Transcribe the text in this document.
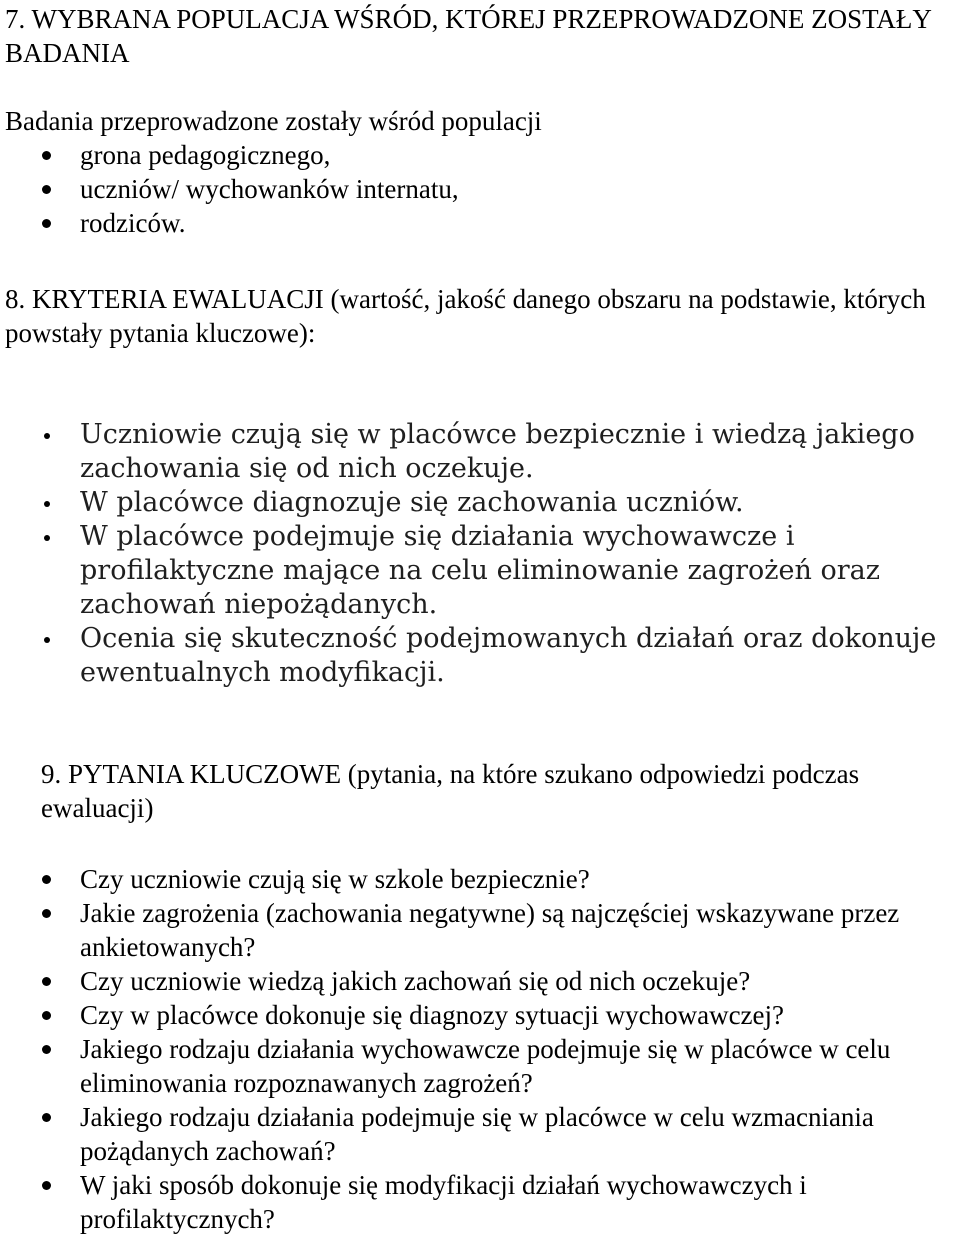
7. WYBRANA POPULACJA WŚRÓD, KTÓREJ PRZEPROWADZONE ZOSTAŁY BADANIA

Badania przeprowadzone zostały wśród populacji

grona pedagogicznego,
uczniów/ wychowanków internatu,
rodziców.
8. KRYTERIA EWALUACJI (wartość, jakość danego obszaru na podstawie, których powstały pytania kluczowe):
Uczniowie czują się w placówce bezpiecznie i wiedzą jakiego zachowania się od nich oczekuje.
W placówce diagnozuje się zachowania uczniów.
W placówce podejmuje się działania wychowawcze i profilaktyczne mające na celu eliminowanie zagrożeń oraz zachowań niepożądanych.
Ocenia się skuteczność podejmowanych działań oraz dokonuje ewentualnych modyfikacji.
9. PYTANIA KLUCZOWE (pytania, na które szukano odpowiedzi podczas ewaluacji)
Czy uczniowie czują się w szkole bezpiecznie?
Jakie zagrożenia (zachowania negatywne) są najczęściej wskazywane przez ankietowanych?
Czy uczniowie wiedzą jakich zachowań się od nich oczekuje?
Czy w placówce dokonuje się diagnozy sytuacji wychowawczej?
Jakiego rodzaju działania wychowawcze podejmuje się w placówce w celu eliminowania rozpoznawanych zagrożeń?
Jakiego rodzaju działania podejmuje się w placówce w celu wzmacniania pożądanych zachowań?
W jaki sposób dokonuje się modyfikacji działań wychowawczych i profilaktycznych?
